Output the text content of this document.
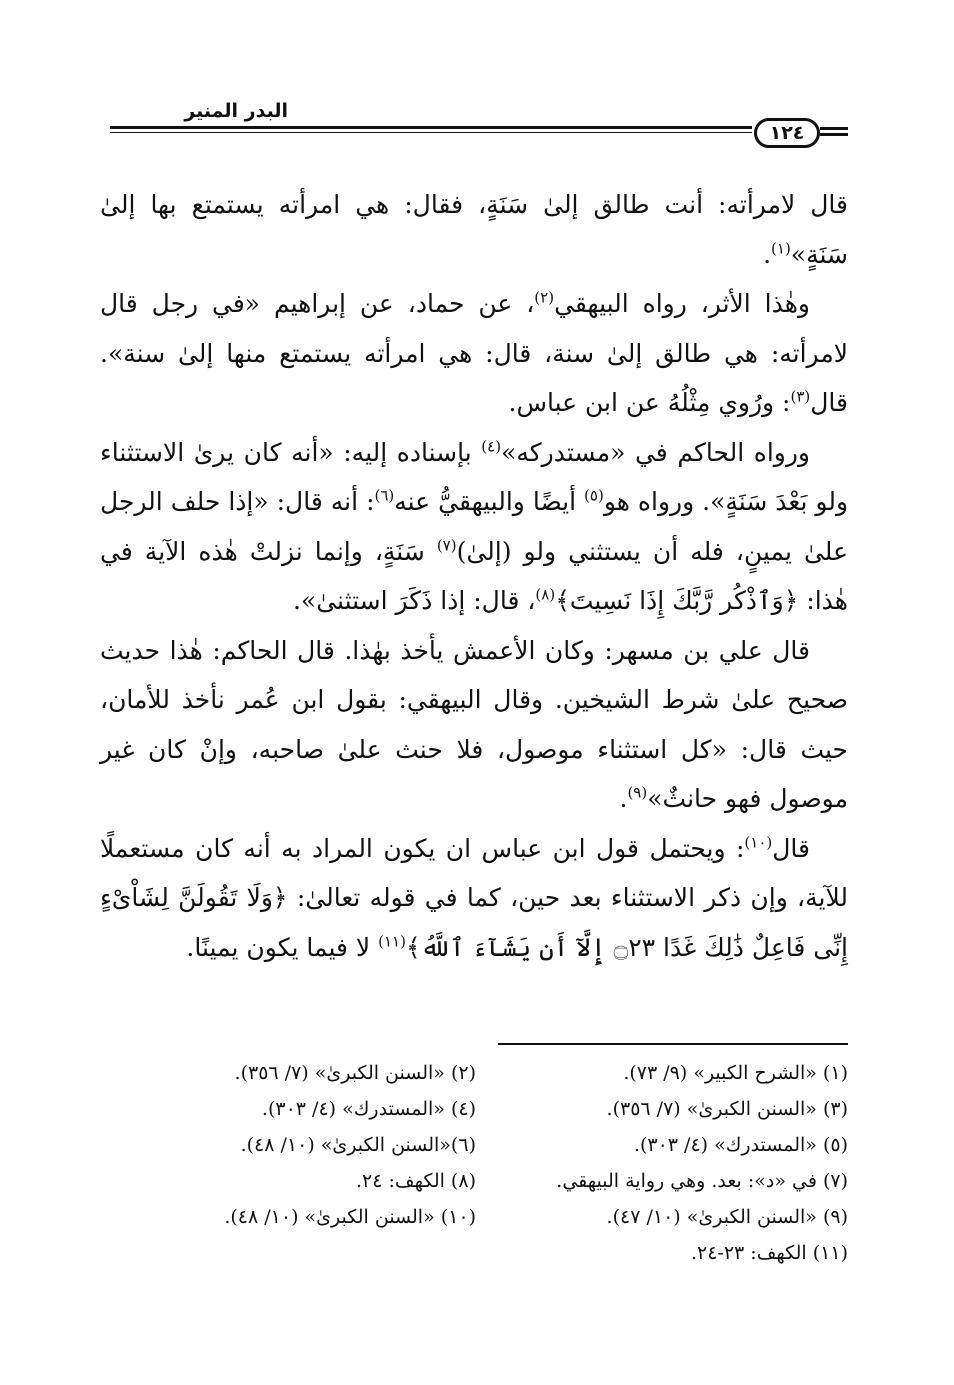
البدر المنير
١٢٤

قال لامرأته: أنت طالق إلىٰ سَنَةٍ، فقال: هي امرأته يستمتع بها إلىٰ سَنَةٍ»$^{(١)}$.

وهٰذا الأثر، رواه البيهقي$^{(٢)}$، عن حماد، عن إبراهيم «في رجل قال لامرأته: هي طالق إلىٰ سنة، قال: هي امرأته يستمتع منها إلىٰ سنة». قال$^{(٣)}$: ورُوي مِثْلُهُ عن ابن عباس.

ورواه الحاكم في «مستدركه»$^{(٤)}$ بإسناده إليه: «أنه كان يرىٰ الاستثناء ولو بَعْدَ سَنَةٍ». ورواه هو$^{(٥)}$ أيضًا والبيهقيُّ عنه$^{(٦)}$: أنه قال: «إذا حلف الرجل علىٰ يمينٍ، فله أن يستثني ولو (إلىٰ)$^{(٧)}$ سَنَةٍ، وإنما نزلتْ هٰذه الآية في هٰذا: ﴿وَٱذْكُر رَّبَّكَ إِذَا نَسِيتَ﴾$^{(٨)}$، قال: إذا ذَكَرَ استثنىٰ».

قال علي بن مسهر: وكان الأعمش يأخذ بهٰذا. قال الحاكم: هٰذا حديث صحيح علىٰ شرط الشيخين. وقال البيهقي: بقول ابن عُمر نأخذ للأمان، حيث قال: «كل استثناء موصول، فلا حنث علىٰ صاحبه، وإنْ كان غير موصول فهو حانثٌ»$^{(٩)}$.

قال$^{(١٠)}$: ويحتمل قول ابن عباس ان يكون المراد به أنه كان مستعملًا للآية، وإن ذكر الاستثناء بعد حين، كما في قوله تعالىٰ: ﴿وَلَا تَقُولَنَّ لِشَاْىْءٍ إِنِّى فَاعِلٌ ذَٰلِكَ غَدًا ۝٢٣ إِلَّآ أَن يَشَآءَ ٱللَّهُ﴾$^{(١١)}$ لا فيما يكون يمينًا.

(١) «الشرح الكبير» (٩/ ٧٣).
(٢) «السنن الكبرىٰ» (٧/ ٣٥٦).
(٣) «السنن الكبرىٰ» (٧/ ٣٥٦).
(٤) «المستدرك» (٤/ ٣٠٣).
(٥) «المستدرك» (٤/ ٣٠٣).
(٦)«السنن الكبرىٰ» (١٠/ ٤٨).
(٧) في «د»: بعد. وهي رواية البيهقي.
(٨) الكهف: ٢٤.
(٩) «السنن الكبرىٰ» (١٠/ ٤٧).
(١٠) «السنن الكبرىٰ» (١٠/ ٤٨).
(١١) الكهف: ٢٣-٢٤.
